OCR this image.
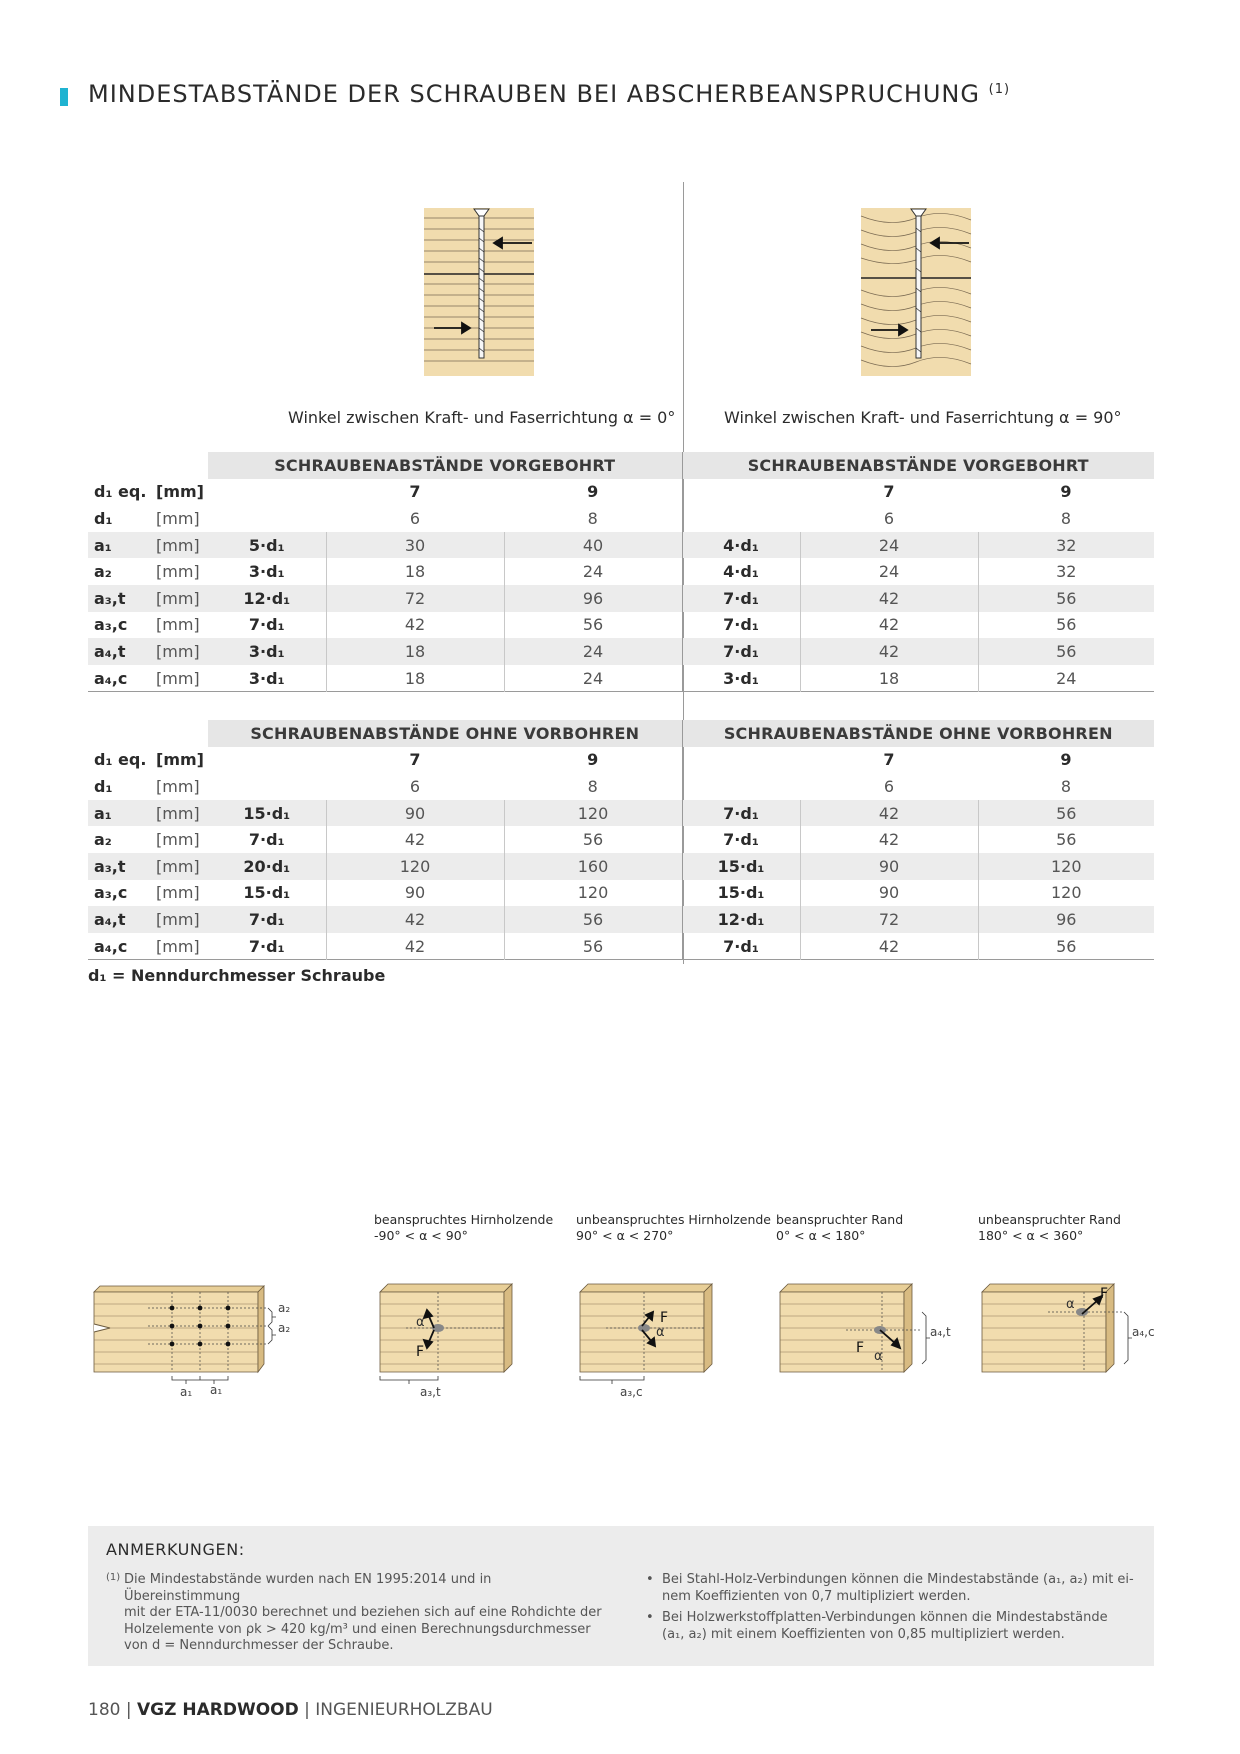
MINDESTABSTÄNDE DER SCHRAUBEN BEI ABSCHERBEANSPRUCHUNG $^{(1)}$
Winkel zwischen Kraft- und Faserrichtung α = 0°	Winkel zwischen Kraft- und Faserrichtung α = 90°
		SCHRAUBENABSTÄNDE VORGEBOHRT			SCHRAUBENABSTÄNDE VORGEBOHRT		
d₁ eq.	[mm]		7	9		7	9
d₁	[mm]		6	8		6	8
a₁	[mm]	5∙d₁	30	40	4∙d₁	24	32
a₂	[mm]	3∙d₁	18	24	4∙d₁	24	32
a₃,t	[mm]	12∙d₁	72	96	7∙d₁	42	56
a₃,c	[mm]	7∙d₁	42	56	7∙d₁	42	56
a₄,t	[mm]	3∙d₁	18	24	7∙d₁	42	56
a₄,c	[mm]	3∙d₁	18	24	3∙d₁	18	24
		SCHRAUBENABSTÄNDE OHNE VORBOHREN			SCHRAUBENABSTÄNDE OHNE VORBOHREN		
d₁ eq.	[mm]		7	9		7	9
d₁	[mm]		6	8		6	8
a₁	[mm]	15∙d₁	90	120	7∙d₁	42	56
a₂	[mm]	7∙d₁	42	56	7∙d₁	42	56
a₃,t	[mm]	20∙d₁	120	160	15∙d₁	90	120
a₃,c	[mm]	15∙d₁	90	120	15∙d₁	90	120
a₄,t	[mm]	7∙d₁	42	56	12∙d₁	72	96
a₄,c	[mm]	7∙d₁	42	56	7∙d₁	42	56
d₁ = Nenndurchmesser Schraube
beanspruchtes Hirnholzende
-90° < α < 90°
unbeanspruchtes Hirnholzende
90° < α < 270°
beanspruchter Rand
0° < α < 180°
unbeanspruchter Rand
180° < α < 360°
a₂
a₂
a₁ a₁
α
F
a₃,t
F
α
a₃,c
F
α
a₄,t
α
F
a₄,c
ANMERKUNGEN:
(1) Die Mindestabstände wurden nach EN 1995:2014 und in Übereinstimmung
mit der ETA-11/0030 berechnet und beziehen sich auf eine Rohdichte der
Holzelemente von ρk > 420 kg/m³ und einen Berechnungsdurchmesser
von d = Nenndurchmesser der Schraube.
• Bei Stahl-Holz-Verbindungen können die Mindestabstände (a₁, a₂) mit ei-
nem Koeffizienten von 0,7 multipliziert werden.
• Bei Holzwerkstoffplatten-Verbindungen können die Mindestabstände
(a₁, a₂) mit einem Koeffizienten von 0,85 multipliziert werden.
180 | VGZ HARDWOOD | INGENIEURHOLZBAU
